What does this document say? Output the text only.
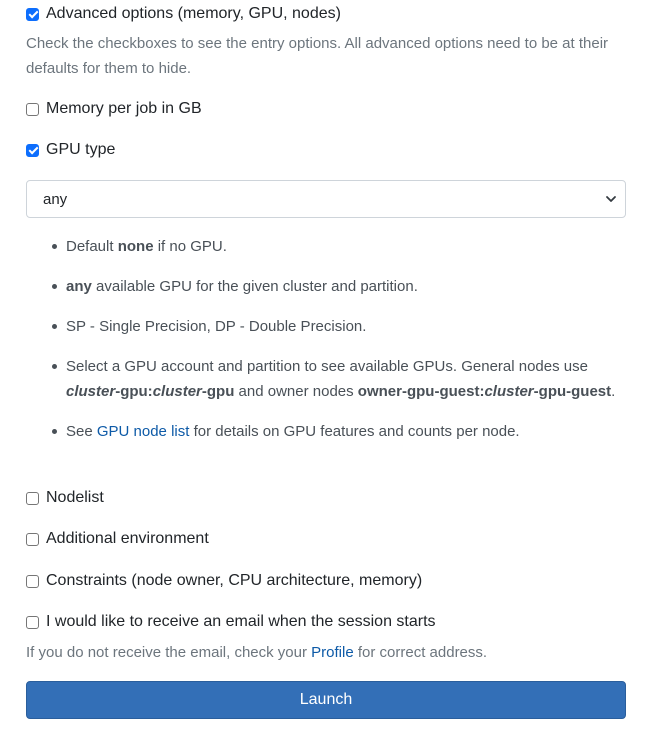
Advanced options (memory, GPU, nodes)
Check the checkboxes to see the entry options. All advanced options need to be at their defaults for them to hide.
Memory per job in GB
GPU type
any
Default none if no GPU.
any available GPU for the given cluster and partition.
SP - Single Precision, DP - Double Precision.
Select a GPU account and partition to see available GPUs. General nodes use cluster-gpu:cluster-gpu and owner nodes owner-gpu-guest:cluster-gpu-guest.
See GPU node list for details on GPU features and counts per node.
Nodelist
Additional environment
Constraints (node owner, CPU architecture, memory)
I would like to receive an email when the session starts
If you do not receive the email, check your Profile for correct address.
Launch
